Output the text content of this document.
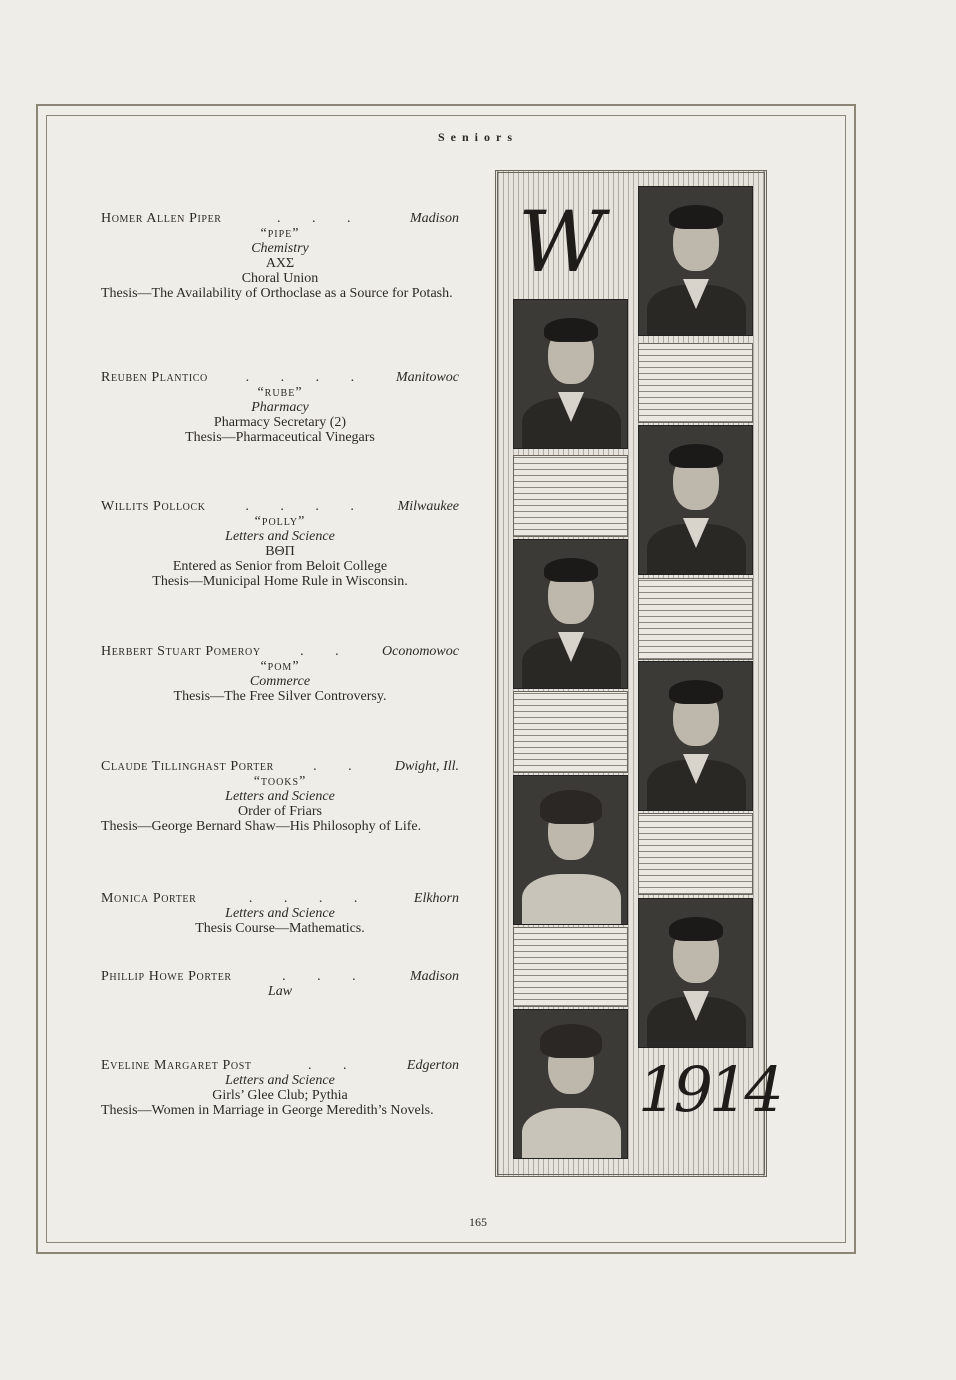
Seniors
Homer Allen Piper	. . .	Madison
“pipe”
Chemistry
ΑΧΣ
Choral Union
Thesis—The Availability of Orthoclase as a Source for Potash.
Reuben Plantico	. . . .	Manitowoc
“rube”
Pharmacy
Pharmacy Secretary (2)
Thesis—Pharmaceutical Vinegars
Willits Pollock	. . . .	Milwaukee
“polly”
Letters and Science
ΒΘΠ
Entered as Senior from Beloit College
Thesis—Municipal Home Rule in Wisconsin.
Herbert Stuart Pomeroy	. .	Oconomowoc
“pom”
Commerce
Thesis—The Free Silver Controversy.
Claude Tillinghast Porter	. .	Dwight, Ill.
“tooks”
Letters and Science
Order of Friars
Thesis—George Bernard Shaw—His Philosophy of Life.
Monica Porter	. . . .	Elkhorn
Letters and Science
Thesis Course—Mathematics.
Phillip Howe Porter	. . .	Madison
Law
Eveline Margaret Post	. .	Edgerton
Letters and Science
Girls’ Glee Club; Pythia
Thesis—Women in Marriage in George Meredith’s Novels.
W
1914
165
